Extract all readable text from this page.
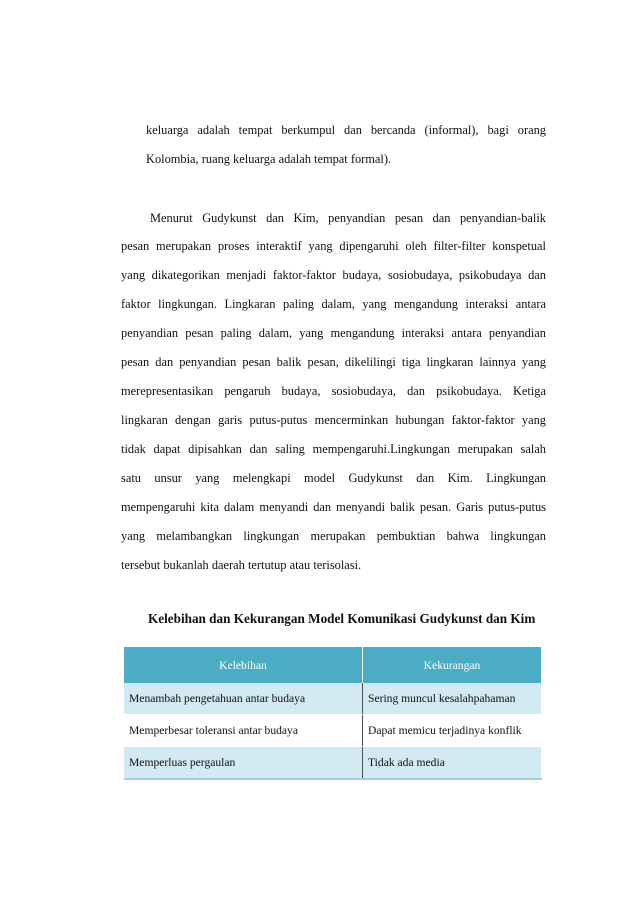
keluarga adalah tempat berkumpul dan bercanda (informal), bagi orang
Kolombia, ruang keluarga adalah tempat formal).
Menurut Gudykunst dan Kim, penyandian pesan dan penyandian-balik
pesan merupakan proses interaktif yang dipengaruhi oleh filter-filter konspetual
yang dikategorikan menjadi faktor-faktor budaya, sosiobudaya, psikobudaya dan
faktor lingkungan. Lingkaran paling dalam, yang mengandung interaksi antara
penyandian pesan paling dalam, yang mengandung interaksi antara penyandian
pesan dan penyandian pesan balik pesan, dikelilingi tiga lingkaran lainnya yang
merepresentasikan pengaruh budaya, sosiobudaya, dan psikobudaya. Ketiga
lingkaran dengan garis putus-putus mencerminkan hubungan faktor-faktor yang
tidak dapat dipisahkan dan saling mempengaruhi.Lingkungan merupakan salah
satu unsur yang melengkapi model Gudykunst dan Kim. Lingkungan
mempengaruhi kita dalam menyandi dan menyandi balik pesan. Garis putus-putus
yang melambangkan lingkungan merupakan pembuktian bahwa lingkungan
tersebut bukanlah daerah tertutup atau terisolasi.
Kelebihan dan Kekurangan Model Komunikasi Gudykunst dan Kim
Kelebihan	Kekurangan
Menambah pengetahuan antar budaya	Sering muncul kesalahpahaman
Memperbesar toleransi antar budaya	Dapat memicu terjadinya konflik
Memperluas pergaulan	Tidak ada media
